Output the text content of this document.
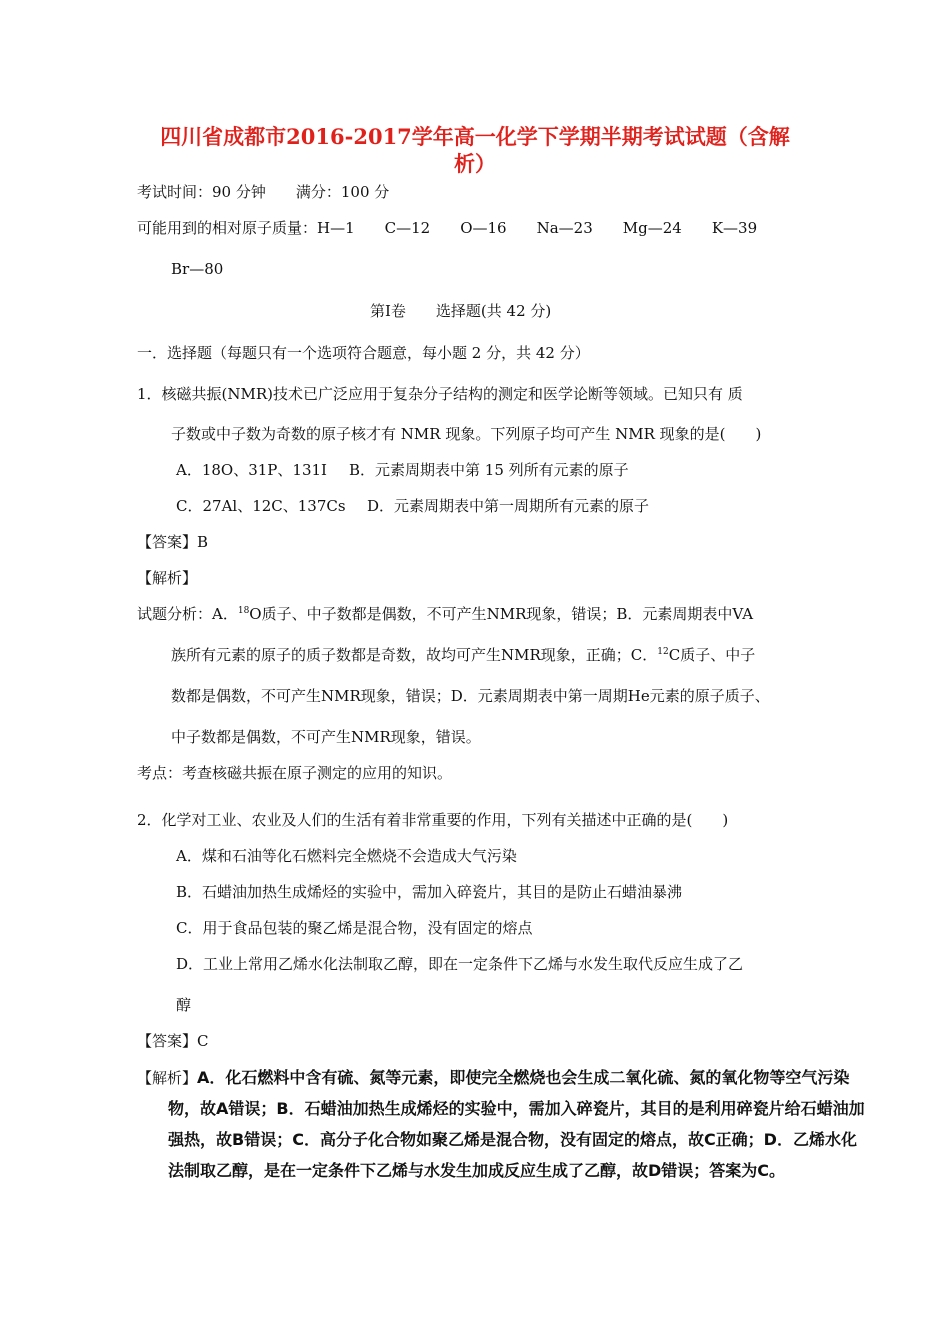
四川省成都市2016-2017学年高一化学下学期半期考试试题（含解
析）
考试时间：90 分钟 满分：100 分
可能用到的相对原子质量：H—1 C—12 O—16 Na—23 Mg—24 K—39
Br—80
第Ⅰ卷　　选择题(共 42 分)
一．选择题（每题只有一个选项符合题意，每小题 2 分，共 42 分）
1．核磁共振(NMR)技术已广泛应用于复杂分子结构的测定和医学论断等领域。已知只有 质
子数或中子数为奇数的原子核才有 NMR 现象。下列原子均可产生 NMR 现象的是(　　)
A．18O、31P、131I B．元素周期表中第 15 列所有元素的原子
C．27Al、12C、137Cs D．元素周期表中第一周期所有元素的原子
【答案】B
【解析】
试题分析：A．$^{18}$O质子、中子数都是偶数，不可产生NMR现象，错误；B．元素周期表中VA
族所有元素的原子的质子数都是奇数，故均可产生NMR现象，正确；C．$^{12}$C质子、中子
数都是偶数，不可产生NMR现象，错误；D．元素周期表中第一周期He元素的原子质子、
中子数都是偶数，不可产生NMR现象，错误。
考点：考查核磁共振在原子测定的应用的知识。
2．化学对工业、农业及人们的生活有着非常重要的作用，下列有关描述中正确的是(　　)
A．煤和石油等化石燃料完全燃烧不会造成大气污染
B．石蜡油加热生成烯烃的实验中，需加入碎瓷片，其目的是防止石蜡油暴沸
C．用于食品包装的聚乙烯是混合物，没有固定的熔点
D．工业上常用乙烯水化法制取乙醇，即在一定条件下乙烯与水发生取代反应生成了乙
醇
【答案】C
【解析】A．化石燃料中含有硫、氮等元素，即使完全燃烧也会生成二氧化硫、氮的氧化物等空气污染
物，故A错误；B．石蜡油加热生成烯烃的实验中，需加入碎瓷片，其目的是利用碎瓷片给石蜡油加
强热，故B错误；C．高分子化合物如聚乙烯是混合物，没有固定的熔点，故C正确；D．乙烯水化
法制取乙醇，是在一定条件下乙烯与水发生加成反应生成了乙醇，故D错误；答案为C。
